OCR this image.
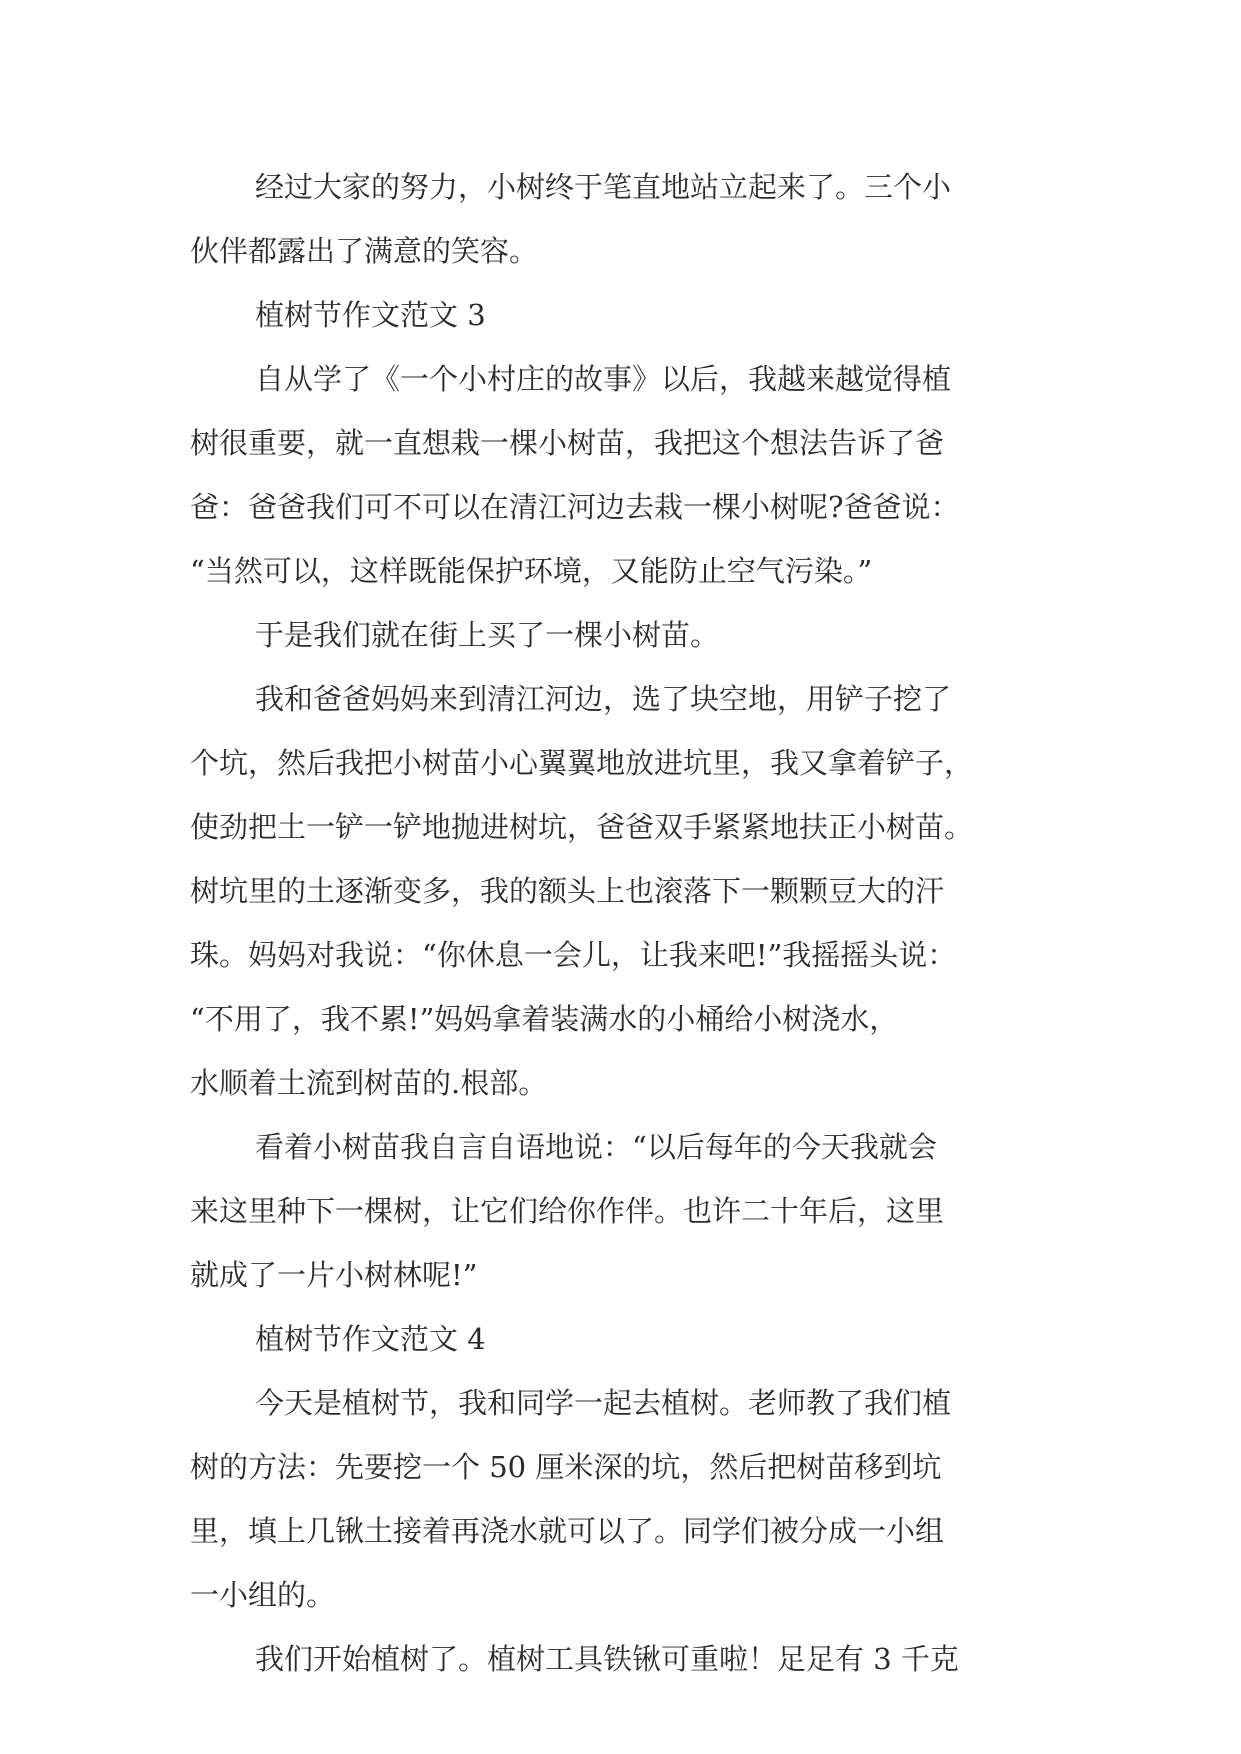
经过大家的努力，小树终于笔直地站立起来了。三个小
伙伴都露出了满意的笑容。
植树节作文范文 3
自从学了《一个小村庄的故事》以后，我越来越觉得植
树很重要，就一直想栽一棵小树苗，我把这个想法告诉了爸
爸：爸爸我们可不可以在清江河边去栽一棵小树呢?爸爸说：
“当然可以，这样既能保护环境，又能防止空气污染。”
于是我们就在街上买了一棵小树苗。
我和爸爸妈妈来到清江河边，选了块空地，用铲子挖了
个坑，然后我把小树苗小心翼翼地放进坑里，我又拿着铲子，
使劲把土一铲一铲地抛进树坑，爸爸双手紧紧地扶正小树苗。
树坑里的土逐渐变多，我的额头上也滚落下一颗颗豆大的汗
珠。妈妈对我说：“你休息一会儿，让我来吧!”我摇摇头说：
“不用了，我不累!”妈妈拿着装满水的小桶给小树浇水，
水顺着土流到树苗的.根部。
看着小树苗我自言自语地说：“以后每年的今天我就会
来这里种下一棵树，让它们给你作伴。也许二十年后，这里
就成了一片小树林呢!”
植树节作文范文 4
今天是植树节，我和同学一起去植树。老师教了我们植
树的方法：先要挖一个 50 厘米深的坑，然后把树苗移到坑
里，填上几锹土接着再浇水就可以了。同学们被分成一小组
一小组的。
我们开始植树了。植树工具铁锹可重啦！足足有 3 千克
